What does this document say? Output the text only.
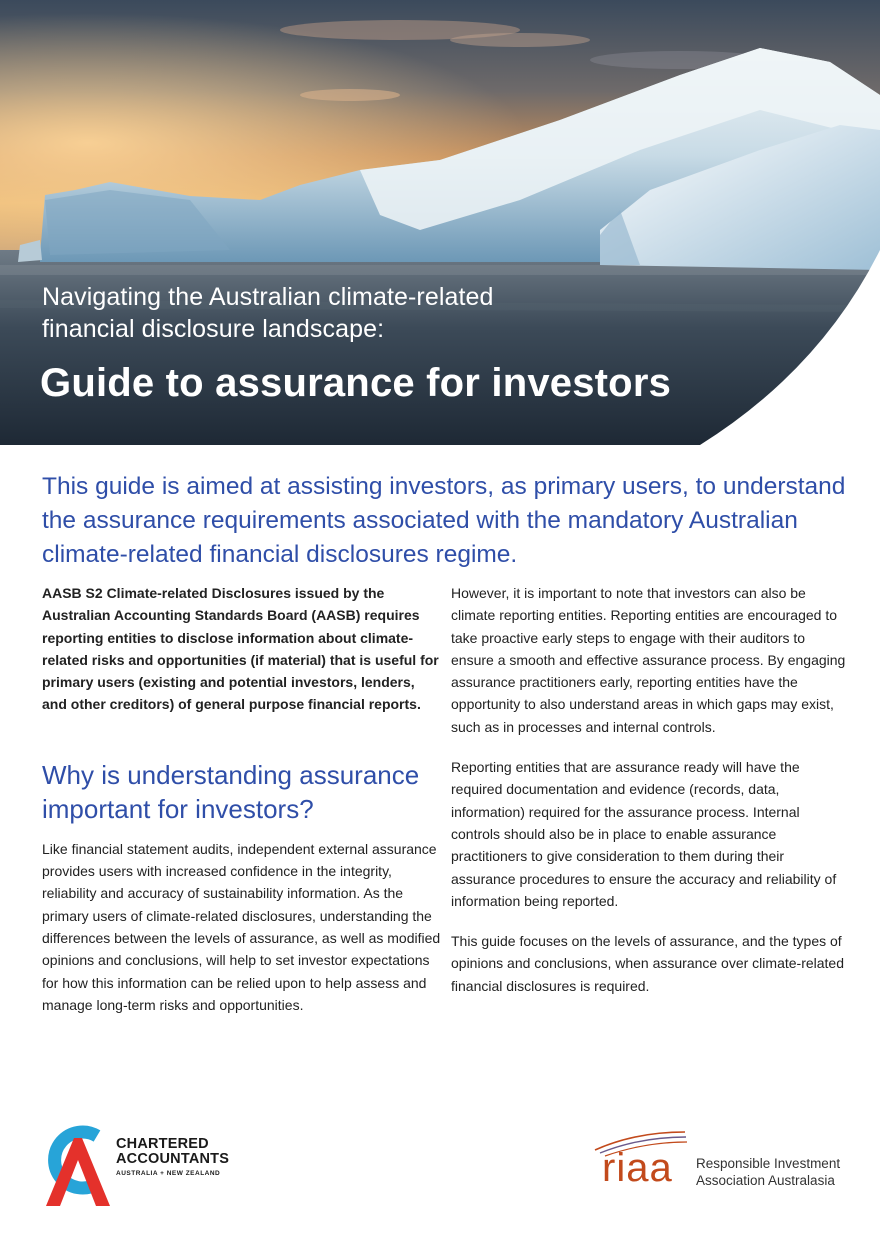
Navigating the Australian climate-related
financial disclosure landscape:
Guide to assurance for investors

This guide is aimed at assisting investors, as primary users, to understand the assurance requirements associated with the mandatory Australian climate-related financial disclosures regime.

AASB S2 Climate-related Disclosures issued by the Australian Accounting Standards Board (AASB) requires reporting entities to disclose information about climate-related risks and opportunities (if material) that is useful for primary users (existing and potential investors, lenders, and other creditors) of general purpose financial reports.

Why is understanding assurance important for investors?

Like financial statement audits, independent external assurance provides users with increased confidence in the integrity, reliability and accuracy of sustainability information. As the primary users of climate-related disclosures, understanding the differences between the levels of assurance, as well as modified opinions and conclusions, will help to set investor expectations for how this information can be relied upon to help assess and manage long-term risks and opportunities.

However, it is important to note that investors can also be climate reporting entities. Reporting entities are encouraged to take proactive early steps to engage with their auditors to ensure a smooth and effective assurance process. By engaging assurance practitioners early, reporting entities have the opportunity to also understand areas in which gaps may exist, such as in processes and internal controls.

Reporting entities that are assurance ready will have the required documentation and evidence (records, data, information) required for the assurance process. Internal controls should also be in place to enable assurance practitioners to give consideration to them during their assurance procedures to ensure the accuracy and reliability of information being reported.

This guide focuses on the levels of assurance, and the types of opinions and conclusions, when assurance over climate-related financial disclosures is required.

CHARTERED
ACCOUNTANTS
AUSTRALIA + NEW ZEALAND	riaa Responsible Investment
Association Australasia
